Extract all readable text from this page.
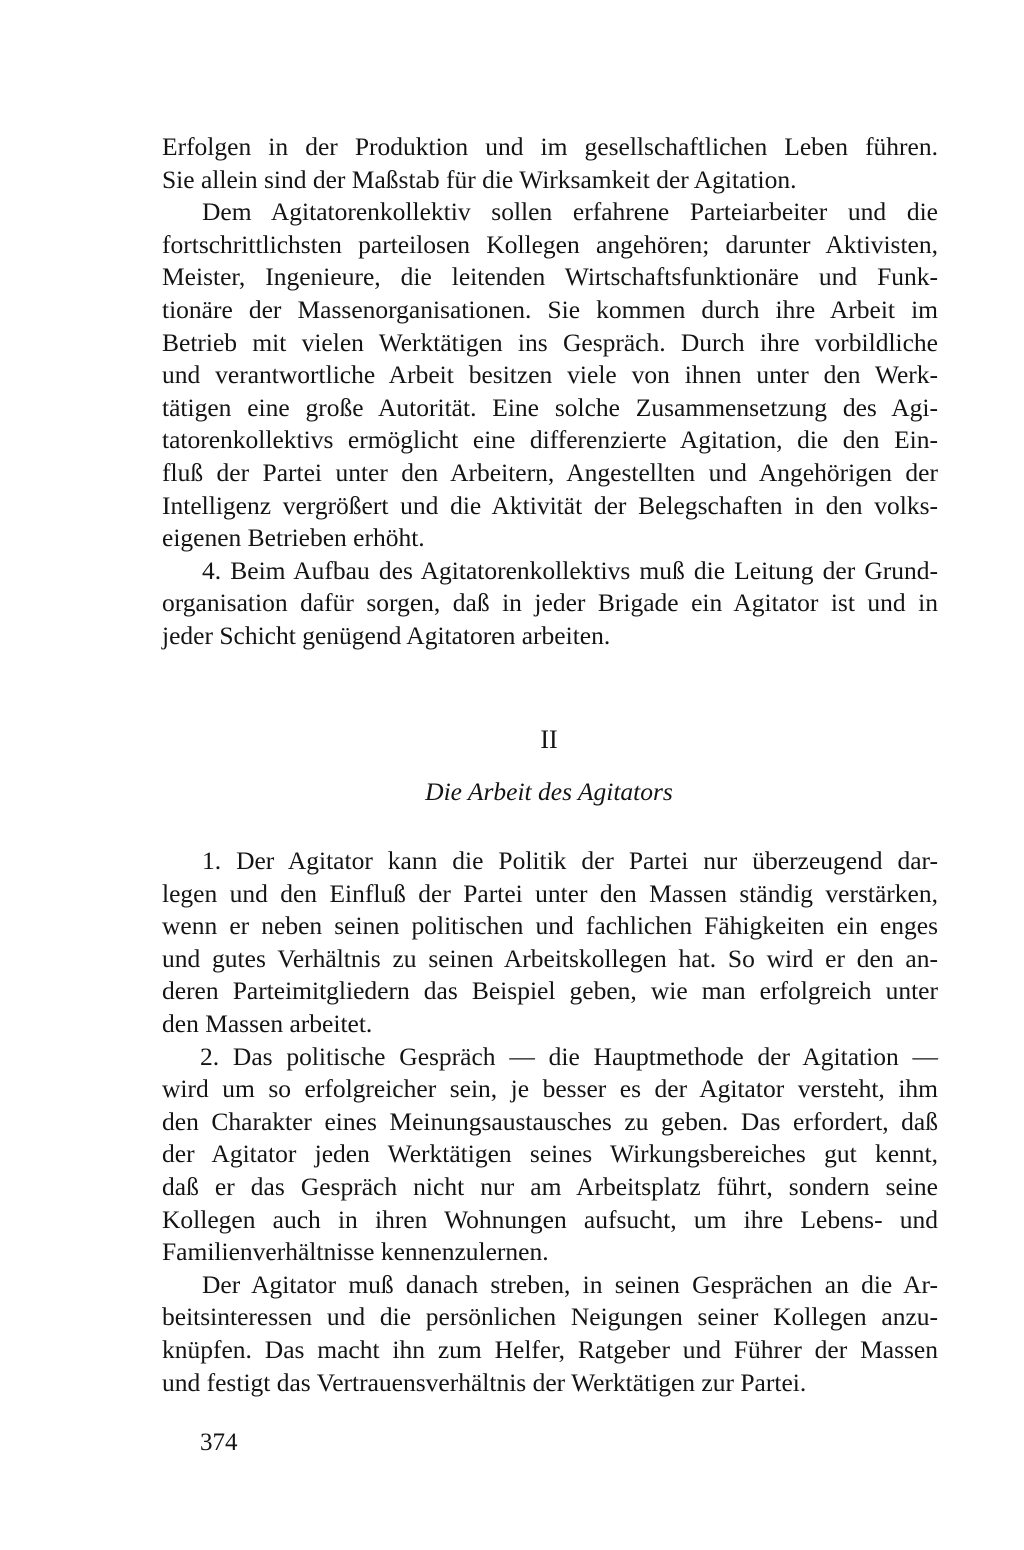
Erfolgen in der Produktion und im gesellschaftlichen Leben führen.
Sie allein sind der Maßstab für die Wirksamkeit der Agitation.
Dem Agitatorenkollektiv sollen erfahrene Parteiarbeiter und die
fortschrittlichsten parteilosen Kollegen angehören; darunter Aktivisten,
Meister, Ingenieure, die leitenden Wirtschaftsfunktionäre und Funk-
tionäre der Massenorganisationen. Sie kommen durch ihre Arbeit im
Betrieb mit vielen Werktätigen ins Gespräch. Durch ihre vorbildliche
und verantwortliche Arbeit besitzen viele von ihnen unter den Werk-
tätigen eine große Autorität. Eine solche Zusammensetzung des Agi-
tatorenkollektivs ermöglicht eine differenzierte Agitation, die den Ein-
fluß der Partei unter den Arbeitern, Angestellten und Angehörigen der
Intelligenz vergrößert und die Aktivität der Belegschaften in den volks-
eigenen Betrieben erhöht.
4. Beim Aufbau des Agitatorenkollektivs muß die Leitung der Grund-
organisation dafür sorgen, daß in jeder Brigade ein Agitator ist und in
jeder Schicht genügend Agitatoren arbeiten.
II
Die Arbeit des Agitators
1. Der Agitator kann die Politik der Partei nur überzeugend dar-
legen und den Einfluß der Partei unter den Massen ständig verstärken,
wenn er neben seinen politischen und fachlichen Fähigkeiten ein enges
und gutes Verhältnis zu seinen Arbeitskollegen hat. So wird er den an-
deren Parteimitgliedern das Beispiel geben, wie man erfolgreich unter
den Massen arbeitet.
2. Das politische Gespräch — die Hauptmethode der Agitation —
wird um so erfolgreicher sein, je besser es der Agitator versteht, ihm
den Charakter eines Meinungsaustausches zu geben. Das erfordert, daß
der Agitator jeden Werktätigen seines Wirkungsbereiches gut kennt,
daß er das Gespräch nicht nur am Arbeitsplatz führt, sondern seine
Kollegen auch in ihren Wohnungen aufsucht, um ihre Lebens- und
Familienverhältnisse kennenzulernen.
Der Agitator muß danach streben, in seinen Gesprächen an die Ar-
beitsinteressen und die persönlichen Neigungen seiner Kollegen anzu-
knüpfen. Das macht ihn zum Helfer, Ratgeber und Führer der Massen
und festigt das Vertrauensverhältnis der Werktätigen zur Partei.
374
